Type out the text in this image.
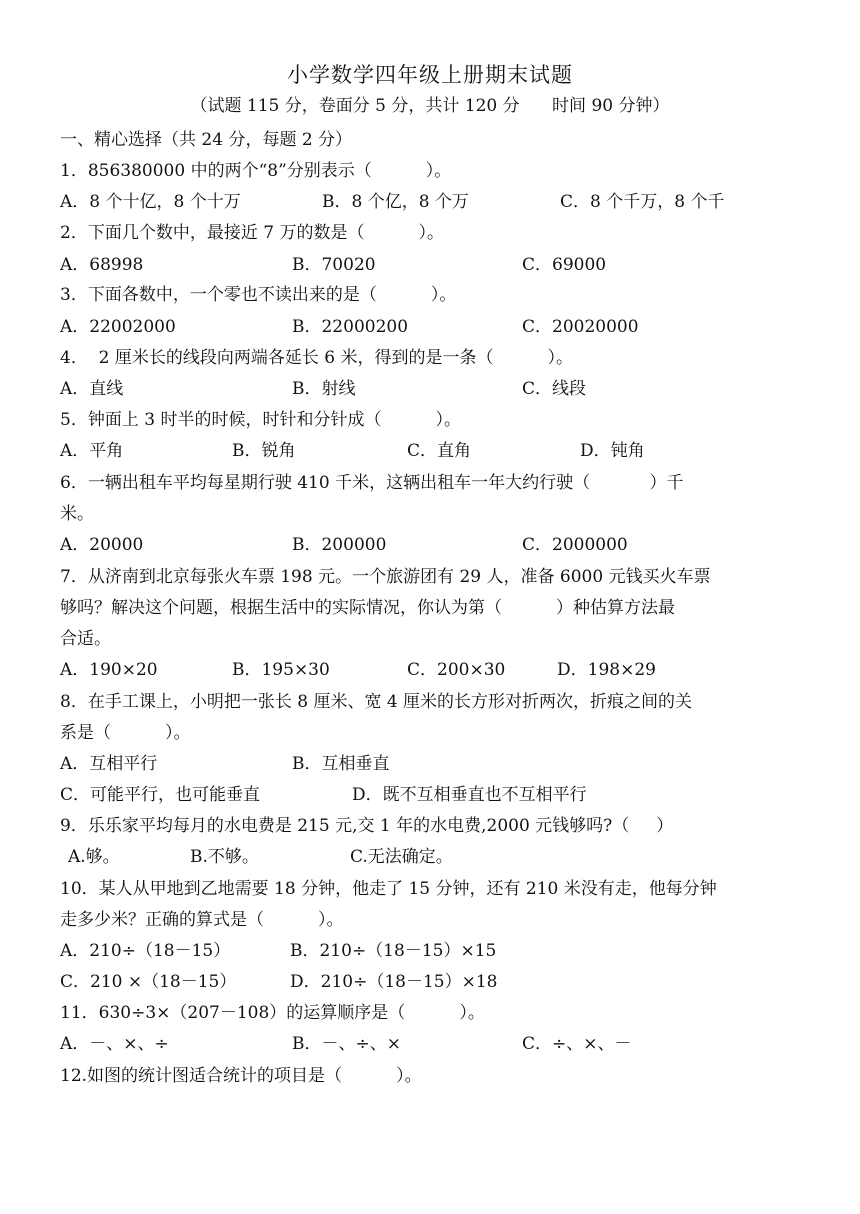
小学数学四年级上册期末试题
（试题 115 分，卷面分 5 分，共计 120 分      时间 90 分钟）
一、精心选择（共 24 分，每题 2 分）
1．856380000 中的两个“8”分别表示（          ）。
A．8 个十亿，8 个十万	B．8 个亿，8 个万	C．8 个千万，8 个千
2．下面几个数中，最接近 7 万的数是（          ）。
A．68998	B．70020	C．69000
3．下面各数中，一个零也不读出来的是（          ）。
A．22002000	B．22000200	C．20020000
4．  2 厘米长的线段向两端各延长 6 米，得到的是一条（          ）。
A．直线	B．射线	C．线段
5．钟面上 3 时半的时候，时针和分针成（          ）。
A．平角	B．锐角	C．直角	D．钝角
6．一辆出租车平均每星期行驶 410 千米，这辆出租车一年大约行驶（           ）千
米。
A．20000	B．200000	C．2000000
7．从济南到北京每张火车票 198 元。一个旅游团有 29 人，准备 6000 元钱买火车票
够吗？解决这个问题，根据生活中的实际情况，你认为第（          ）种估算方法最
合适。
A．190×20	B．195×30	C．200×30	D．198×29
8．在手工课上，小明把一张长 8 厘米、宽 4 厘米的长方形对折两次，折痕之间的关
系是（          ）。
A．互相平行	B．互相垂直
C．可能平行，也可能垂直	D．既不互相垂直也不互相平行
9．乐乐家平均每月的水电费是 215 元,交 1 年的水电费,2000 元钱够吗?（     ）
A.够。	B.不够。	C.无法确定。
10．某人从甲地到乙地需要 18 分钟，他走了 15 分钟，还有 210 米没有走，他每分钟
走多少米？正确的算式是（          ）。
A．210÷（18－15）	B．210÷（18－15）×15
C．210 ×（18－15）	D．210÷（18－15）×18
11．630÷3×（207－108）的运算顺序是（          ）。
A．－、×、÷	B．－、÷、×	C．÷、×、－
12.如图的统计图适合统计的项目是（          ）。
